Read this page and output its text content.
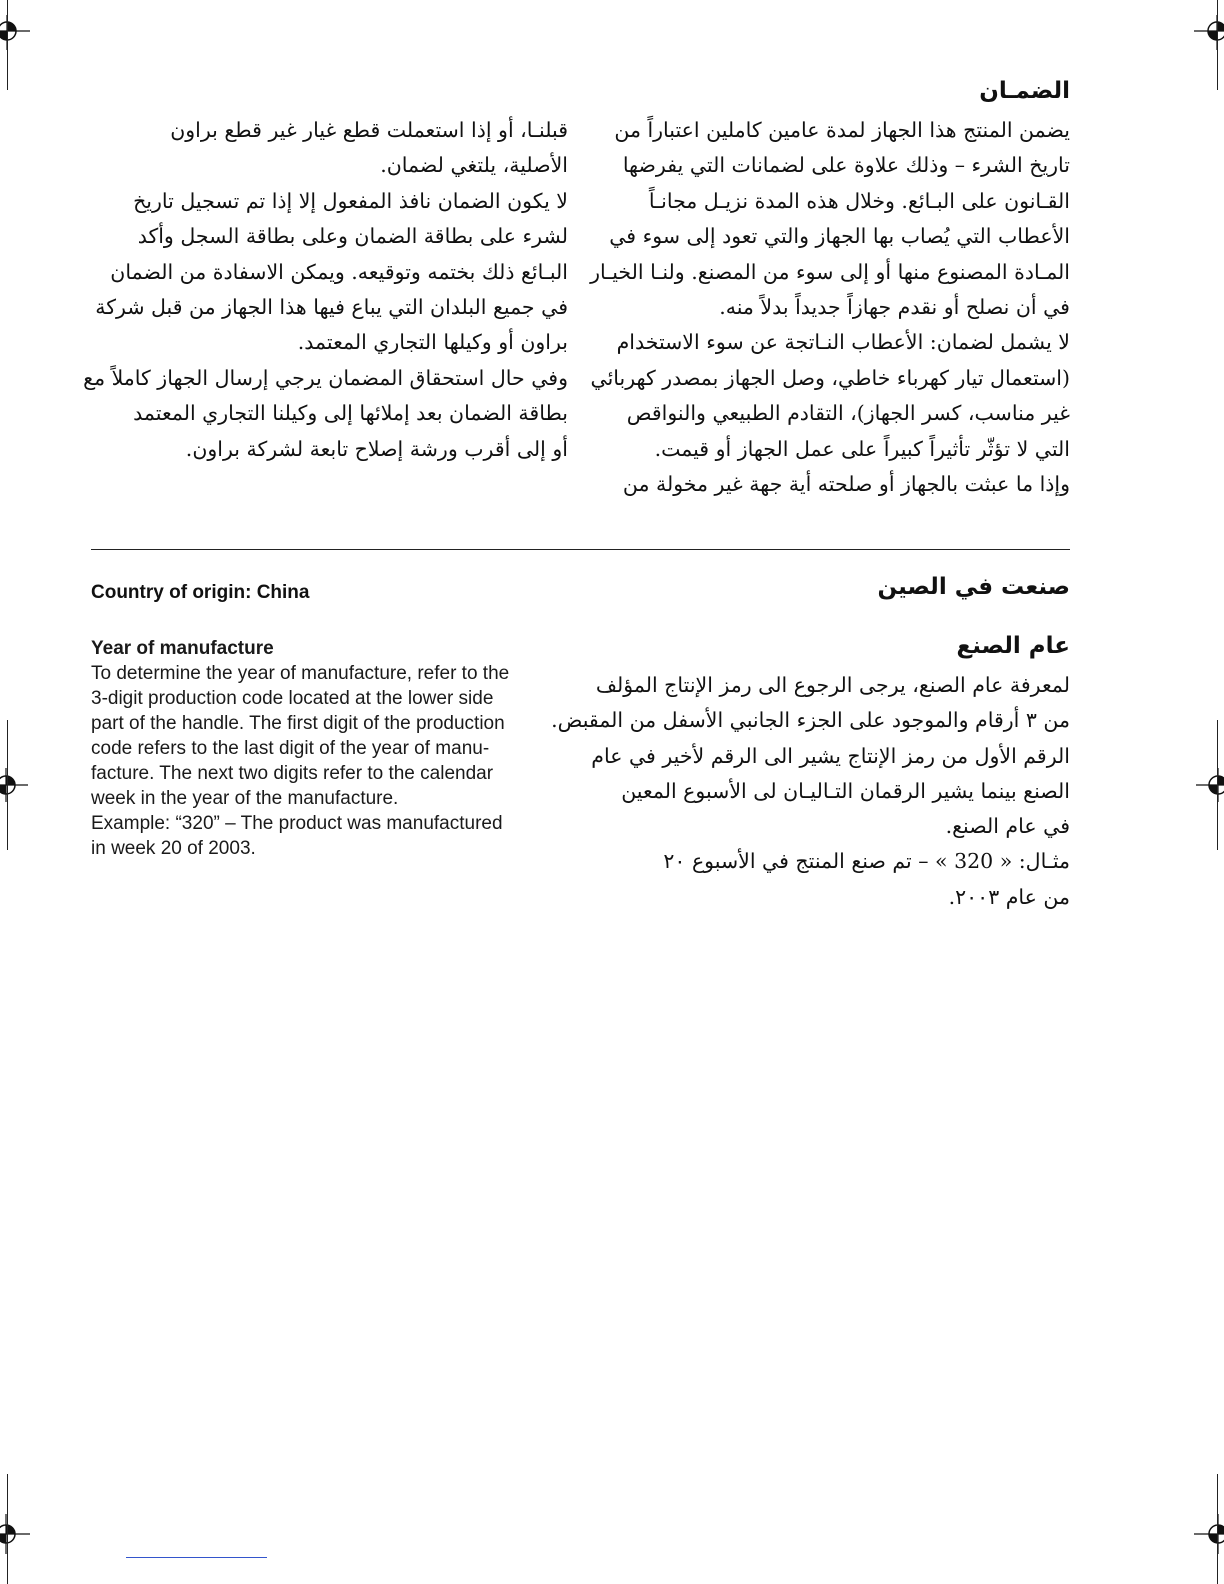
الضمـان

يضمن المنتج هذا الجهاز لمدة عامين كاملين اعتباراً من

تاريخ الشرء – وذلك علاوة على لضمانات التي يفرضها

القـانون على البـائع. وخلال هذه المدة نزيـل مجانـاً

الأعطاب التي يُصاب بها الجهاز والتي تعود إلى سوء في

المـادة المصنوع منها أو إلى سوء من المصنع. ولنـا الخيـار

في أن نصلح أو نقدم جهازاً جديداً بدلاً منه.

لا يشمل لضمان: الأعطاب النـاتجة عن سوء الاستخدام

(استعمال تيار كهرباء خاطي، وصل الجهاز بمصدر كهربائي

غير مناسب، كسر الجهاز)، التقادم الطبيعي والنواقص

التي لا تؤثّر تأثيراً كبيراً على عمل الجهاز أو قيمت.

وإذا ما عبثت بالجهاز أو صلحته أية جهة غير مخولة من

قبلنـا، أو إذا استعملت قطع غيار غير قطع براون

الأصلية، يلتغي لضمان.

لا يكون الضمان نافذ المفعول إلا إذا تم تسجيل تاريخ

لشرء على بطاقة الضمان وعلى بطاقة السجل وأكد

البـائع ذلك بختمه وتوقيعه. ويمكن الاسفادة من الضمان

في جميع البلدان التي يباع فيها هذا الجهاز من قبل شركة

براون أو وكيلها التجاري المعتمد.

وفي حال استحقاق المضمان يرجي إرسال الجهاز كاملاً مع

بطاقة الضمان بعد إملائها إلى وكيلنا التجاري المعتمد

أو إلى أقرب ورشة إصلاح تابعة لشركة براون.

Country of origin: China	صنعت في الصين
Year of manufacture
To determine the year of manufacture, refer to the
3-digit production code located at the lower side
part of the handle. The first digit of the production
code refers to the last digit of the year of manu-
facture. The next two digits refer to the calendar
week in the year of the manufacture.
Example: “320” – The product was manufactured
in week 20 of 2003.
عام الصنع

لمعرفة عام الصنع، يرجى الرجوع الى رمز الإنتاج المؤلف

من ٣ أرقام والموجود على الجزء الجانبي الأسفل من المقبض.

الرقم الأول من رمز الإنتاج يشير الى الرقم لأخير في عام

الصنع بينما يشير الرقمان التـاليـان لى الأسبوع المعين

في عام الصنع.

مثـال: « 320 » – تم صنع المنتج في الأسبوع ٢٠

من عام ٢٠٠٣.
